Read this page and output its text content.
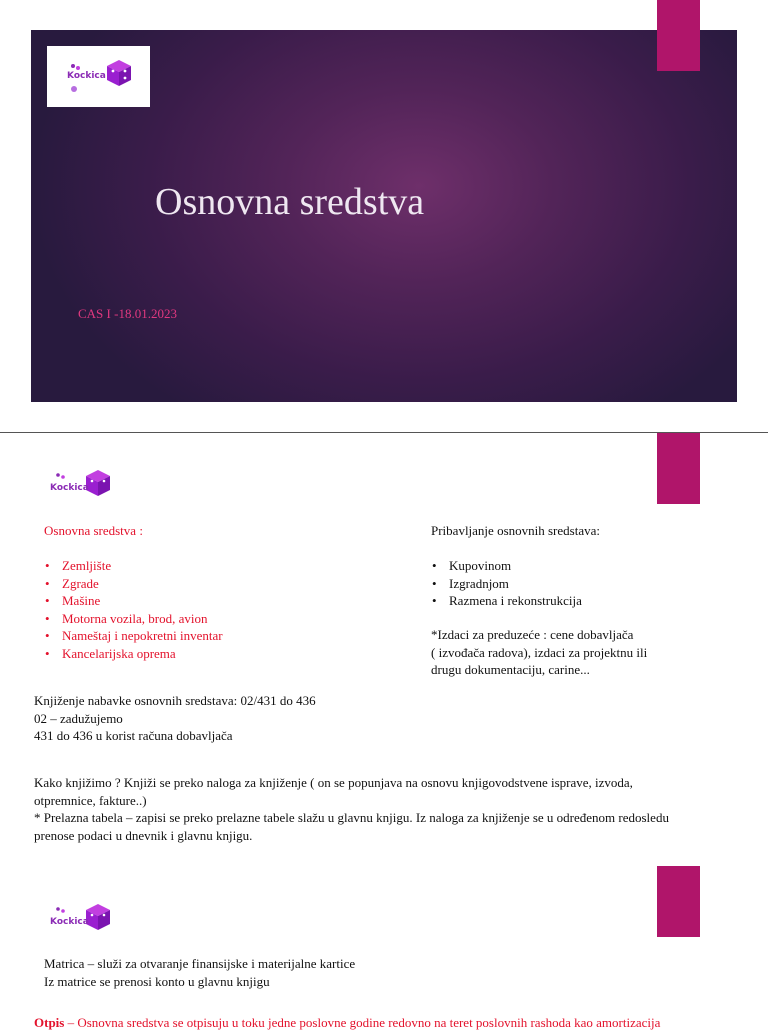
Kockica
Osnovna sredstva
CAS I -18.01.2023
Kockica
Osnovna sredstva :
• Zemljište
• Zgrade
• Mašine
• Motorna vozila, brod, avion
• Nameštaj i nepokretni inventar
• Kancelarijska oprema
Pribavljanje osnovnih sredstava:
• Kupovinom
• Izgradnjom
• Razmena i rekonstrukcija
*Izdaci za preduzeće : cene dobavljača
( izvođača radova), izdaci za projektnu ili
drugu dokumentaciju, carine...
Knjiženje nabavke osnovnih sredstava: 02/431 do 436
02 – zadužujemo
431 do 436 u korist računa dobavljača
Kako knjižimo ? Knjiži se preko naloga za knjiženje ( on se popunjava na osnovu knjigovodstvene isprave, izvoda,
otpremnice, fakture..)
* Prelazna tabela – zapisi se preko prelazne tabele slažu u glavnu knjigu. Iz naloga za knjiženje se u određenom redosledu
prenose podaci u dnevnik i glavnu knjigu.
Kockica
Matrica – služi za otvaranje finansijske i materijalne kartice
Iz matrice se prenosi konto u glavnu knjigu
Otpis – Osnovna sredstva se otpisuju u toku jedne poslovne godine redovno na teret poslovnih rashoda kao amortizacija
